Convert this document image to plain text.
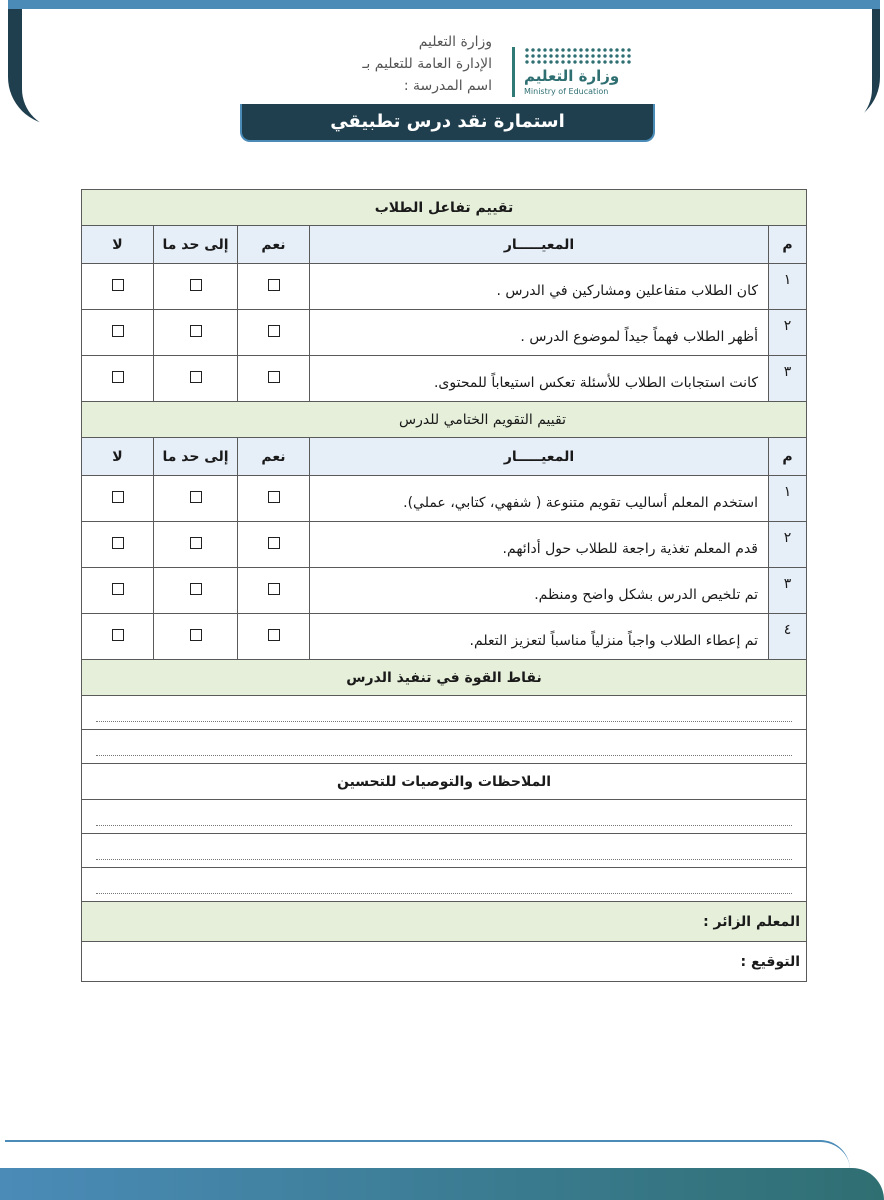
وزارة التعليم
الإدارة العامة للتعليم بـ
اسم المدرسة :
وزارة التعليم
Ministry of Education
استمارة نقد درس تطبيقي
تقييم تفاعل الطلاب				
م	المعيـــــار	نعم	إلى حد ما	لا
١	كان الطلاب متفاعلين ومشاركين في الدرس .			
٢	أظهر الطلاب فهماً جيداً لموضوع الدرس .			
٣	كانت استجابات الطلاب للأسئلة تعكس استيعاباً للمحتوى.			
تقييم التقويم الختامي للدرس				
م	المعيـــــار	نعم	إلى حد ما	لا
١	استخدم المعلم أساليب تقويم متنوعة ( شفهي، كتابي، عملي).			
٢	قدم المعلم تغذية راجعة للطلاب حول أدائهم.			
٣	تم تلخيص الدرس بشكل واضح ومنظم.			
٤	تم إعطاء الطلاب واجباً منزلياً مناسباً لتعزيز التعلم.			
نقاط القوة في تنفيذ الدرس				

الملاحظات والتوصيات للتحسين				

المعلم الزائر :				
التوقيع :				
